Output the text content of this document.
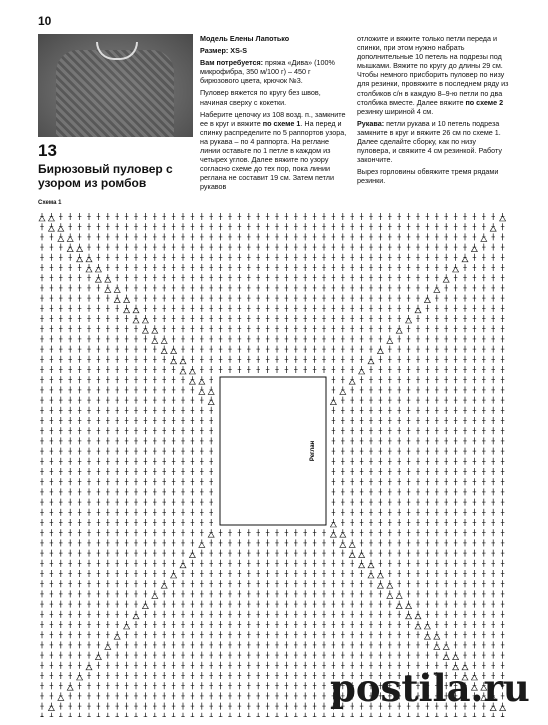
10
13
Бирюзовый пуловер с узором из ромбов

Модель Елены Лапотько

Размер: XS-S

Вам потребуется: пряжа «Дива» (100% микрофибра, 350 м/100 г) – 450 г бирюзового цвета, крючок №3.

Пуловер вяжется по кругу без швов, начиная сверху с кокетки.

Наберите цепочку из 108 возд. п., замкните ее в круг и вяжите по схеме 1. На перед и спинку распределите по 5 раппортов узора, на рукава – по 4 раппорта. На реглане линии оставьте по 1 петле в каждом из четырех углов. Далее вяжите по узору согласно схеме до тех пор, пока линии реглана не составит 19 см. Затем петли рукавов

отложите и вяжите только петли переда и спинки, при этом нужно набрать дополнительные 10 петель на подрезы под мышками. Вяжите по кругу до длины 29 см. Чтобы немного присборить пуловер по низу для резинки, провяжите в последнем ряду из столбиков с/н в каждую 8–9-ю петли по два столбика вместе. Далее вяжите по схеме 2 резинку шириной 4 см.

Рукава: петли рукава и 10 петель подреза замкните в круг и вяжите 26 см по схеме 1. Далее сделайте сборку, как по низу пуловера, и свяжите 4 см резинкой. Работу закончите.

Вырез горловины обвяжите тремя рядами резинки.

Схема 1
Реглан
postila.ru
